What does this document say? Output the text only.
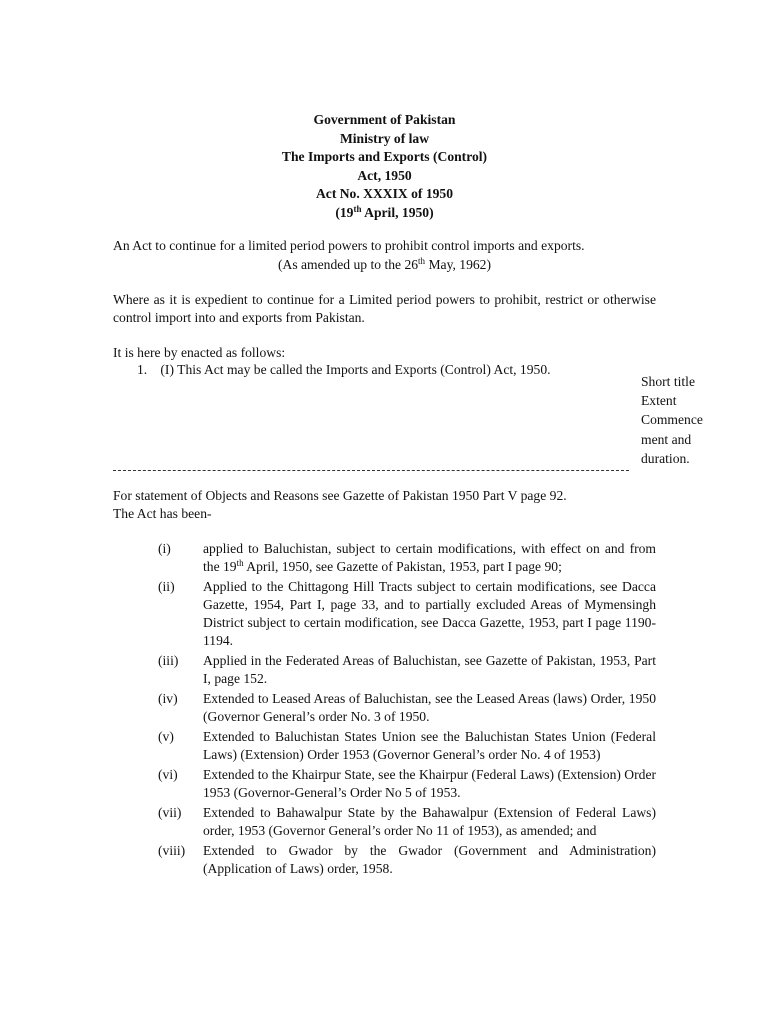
Government of Pakistan
Ministry of law
The Imports and Exports (Control)
Act, 1950
Act No. XXXIX of 1950
(19th April, 1950)
An Act to continue for a limited period powers to prohibit control imports and exports.
(As amended up to the 26th May, 1962)
Where as it is expedient to continue for a Limited period powers to prohibit, restrict or otherwise control import into and exports from Pakistan.
It is here by enacted as follows:
1. (I) This Act may be called the Imports and Exports (Control) Act, 1950.
Short title
Extent
Commence
ment and
duration.
For statement of Objects and Reasons see Gazette of Pakistan 1950 Part V page 92.
The Act has been-
(i) applied to Baluchistan, subject to certain modifications, with effect on and from the 19th April, 1950, see Gazette of Pakistan, 1953, part I page 90;
(ii) Applied to the Chittagong Hill Tracts subject to certain modifications, see Dacca Gazette, 1954, Part I, page 33, and to partially excluded Areas of Mymensingh District subject to certain modification, see Dacca Gazette, 1953, part I page 1190-1194.
(iii) Applied in the Federated Areas of Baluchistan, see Gazette of Pakistan, 1953, Part I, page 152.
(iv) Extended to Leased Areas of Baluchistan, see the Leased Areas (laws) Order, 1950 (Governor General’s order No. 3 of 1950.
(v) Extended to Baluchistan States Union see the Baluchistan States Union (Federal Laws) (Extension) Order 1953 (Governor General’s order No. 4 of 1953)
(vi) Extended to the Khairpur State, see the Khairpur (Federal Laws) (Extension) Order 1953 (Governor-General’s Order No 5 of 1953.
(vii) Extended to Bahawalpur State by the Bahawalpur (Extension of Federal Laws) order, 1953 (Governor General’s order No 11 of 1953), as amended; and
(viii) Extended to Gwador by the Gwador (Government and Administration) (Application of Laws) order, 1958.
